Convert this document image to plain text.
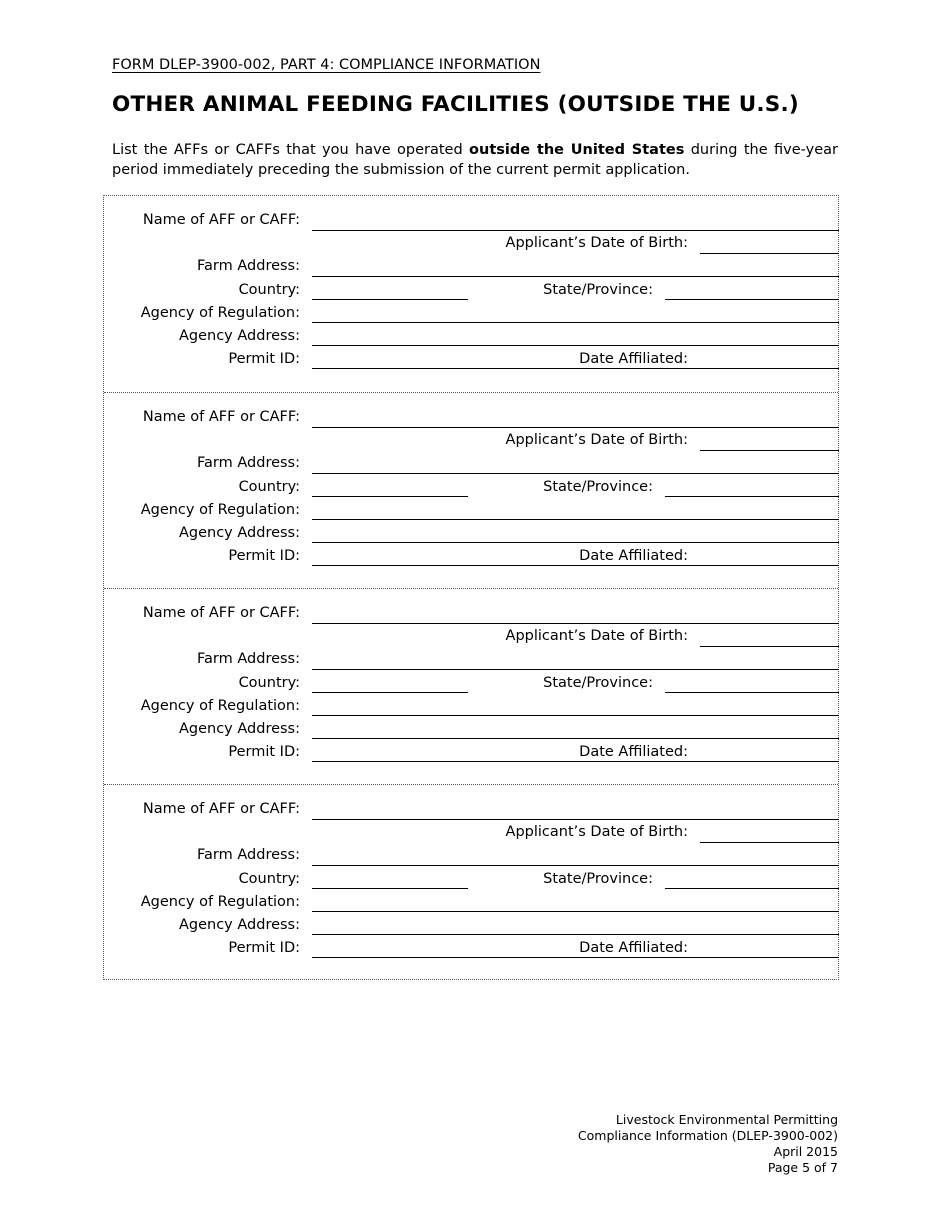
FORM DLEP-3900-002, PART 4: COMPLIANCE INFORMATION
OTHER ANIMAL FEEDING FACILITIES (OUTSIDE THE U.S.)
List the AFFs or CAFFs that you have operated outside the United States during the five-year period immediately preceding the submission of the current permit application.
Name of AFF or CAFF:
Applicant’s Date of Birth:
Farm Address:
Country:	State/Province:
Agency of Regulation:
Agency Address:
Permit ID:	Date Affiliated:
Name of AFF or CAFF:
Applicant’s Date of Birth:
Farm Address:
Country:	State/Province:
Agency of Regulation:
Agency Address:
Permit ID:	Date Affiliated:
Name of AFF or CAFF:
Applicant’s Date of Birth:
Farm Address:
Country:	State/Province:
Agency of Regulation:
Agency Address:
Permit ID:	Date Affiliated:
Name of AFF or CAFF:
Applicant’s Date of Birth:
Farm Address:
Country:	State/Province:
Agency of Regulation:
Agency Address:
Permit ID:	Date Affiliated:
Livestock Environmental Permitting
Compliance Information (DLEP-3900-002)
April 2015
Page 5 of 7
